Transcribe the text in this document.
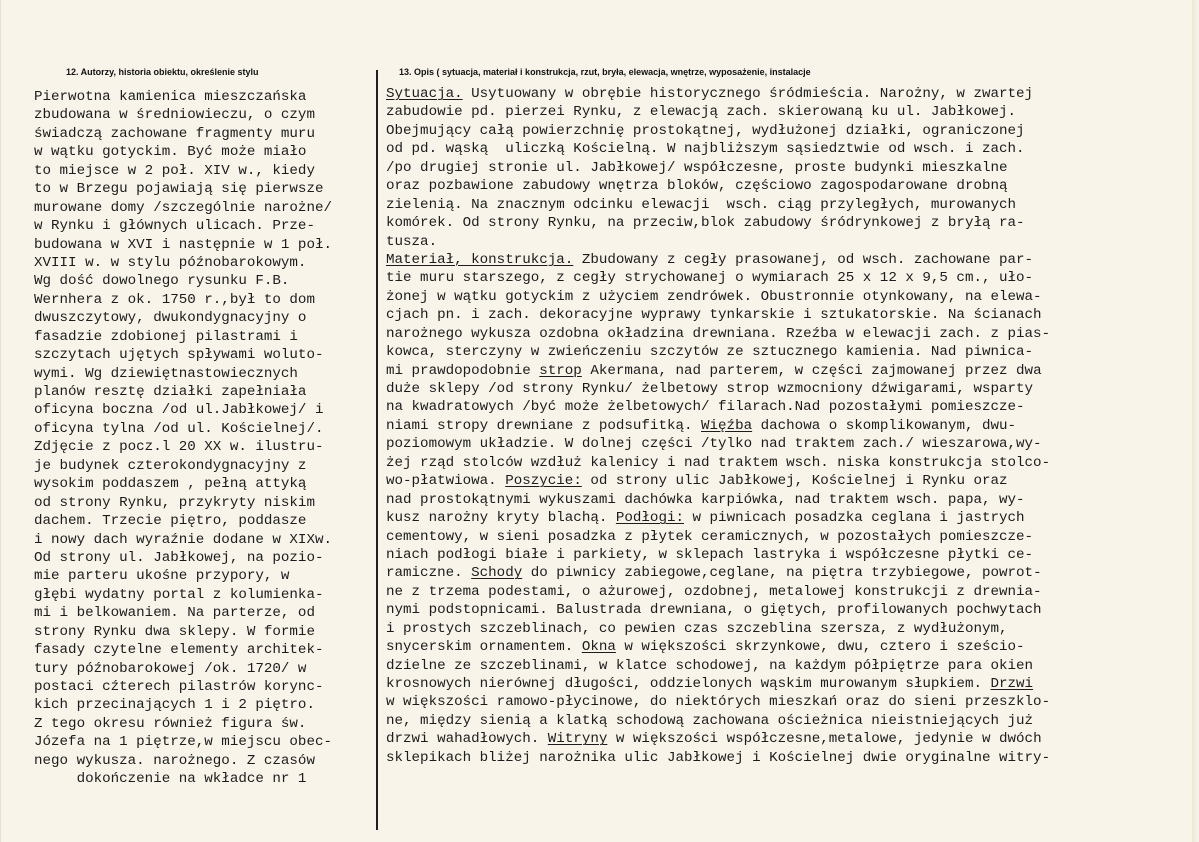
12. Autorzy, historia obiektu, określenie stylu	13. Opis ( sytuacja, materiał i konstrukcja, rzut, bryła, elewacja, wnętrze, wyposażenie, instalacje
Pierwotna kamienica mieszczańska
zbudowana w średniowieczu, o czym
świadczą zachowane fragmenty muru
w wątku gotyckim. Być może miało
to miejsce w 2 poł. XIV w., kiedy
to w Brzegu pojawiają się pierwsze
murowane domy /szczególnie narożne/
w Rynku i głównych ulicach. Prze-
budowana w XVI i następnie w 1 poł.
XVIII w. w stylu późnobarokowym.
Wg dość dowolnego rysunku F.B.
Wernhera z ok. 1750 r.,był to dom
dwuszczytowy, dwukondygnacyjny o
fasadzie zdobionej pilastrami i
szczytach ujętych spływami woluto-
wymi. Wg dziewiętnastowiecznych
planów resztę działki zapełniała
oficyna boczna /od ul.Jabłkowej/ i
oficyna tylna /od ul. Kościelnej/.
Zdjęcie z pocz.l 20 XX w. ilustru-
je budynek czterokondygnacyjny z
wysokim poddaszem , pełną attyką
od strony Rynku, przykryty niskim
dachem. Trzecie piętro, poddasze
i nowy dach wyraźnie dodane w XIXw.
Od strony ul. Jabłkowej, na pozio-
mie parteru ukośne przypory, w
głębi wydatny portal z kolumienka-
mi i belkowaniem. Na parterze, od
strony Rynku dwa sklepy. W formie
fasady czytelne elementy architek-
tury późnobarokowej /ok. 1720/ w
postaci cźterech pilastrów korync-
kich przecinających 1 i 2 piętro.
Z tego okresu również figura św.
Józefa na 1 piętrze,w miejscu obec-
nego wykusza. narożnego. Z czasów
dokończenie na wkładce nr 1
Sytuacja. Usytuowany w obrębie historycznego śródmieścia. Narożny, w zwartej
zabudowie pd. pierzei Rynku, z elewacją zach. skierowaną ku ul. Jabłkowej.
Obejmujący całą powierzchnię prostokątnej, wydłużonej działki, ograniczonej
od pd. wąską  uliczką Kościelną. W najbliższym sąsiedztwie od wsch. i zach.
/po drugiej stronie ul. Jabłkowej/ współczesne, proste budynki mieszkalne
oraz pozbawione zabudowy wnętrza bloków, częściowo zagospodarowane drobną
zielenią. Na znacznym odcinku elewacji  wsch. ciąg przyległych, murowanych
komórek. Od strony Rynku, na przeciw,blok zabudowy śródrynkowej z bryłą ra-
tusza.
Materiał, konstrukcja. Zbudowany z cegły prasowanej, od wsch. zachowane par-
tie muru starszego, z cegły strychowanej o wymiarach 25 x 12 x 9,5 cm., uło-
żonej w wątku gotyckim z użyciem zendrówek. Obustronnie otynkowany, na elewa-
cjach pn. i zach. dekoracyjne wyprawy tynkarskie i sztukatorskie. Na ścianach
narożnego wykusza ozdobna okładzina drewniana. Rzeźba w elewacji zach. z pias-
kowca, sterczyny w zwieńczeniu szczytów ze sztucznego kamienia. Nad piwnica-
mi prawdopodobnie strop Akermana, nad parterem, w części zajmowanej przez dwa
duże sklepy /od strony Rynku/ żelbetowy strop wzmocniony dźwigarami, wsparty
na kwadratowych /być może żelbetowych/ filarach.Nad pozostałymi pomieszcze-
niami stropy drewniane z podsufitką. Więźba dachowa o skomplikowanym, dwu-
poziomowym układzie. W dolnej części /tylko nad traktem zach./ wieszarowa,wy-
żej rząd stolców wzdłuż kalenicy i nad traktem wsch. niska konstrukcja stolco-
wo-płatwiowa. Poszycie: od strony ulic Jabłkowej, Kościelnej i Rynku oraz
nad prostokątnymi wykuszami dachówka karpiówka, nad traktem wsch. papa, wy-
kusz narożny kryty blachą. Podłogi: w piwnicach posadzka ceglana i jastrych
cementowy, w sieni posadzka z płytek ceramicznych, w pozostałych pomieszcze-
niach podłogi białe i parkiety, w sklepach lastryka i współczesne płytki ce-
ramiczne. Schody do piwnicy zabiegowe,ceglane, na piętra trzybiegowe, powrot-
ne z trzema podestami, o ażurowej, ozdobnej, metalowej konstrukcji z drewnia-
nymi podstopnicami. Balustrada drewniana, o giętych, profilowanych pochwytach
i prostych szczeblinach, co pewien czas szczeblina szersza, z wydłużonym,
snycerskim ornamentem. Okna w większości skrzynkowe, dwu, cztero i sześcio-
dzielne ze szczeblinami, w klatce schodowej, na każdym półpiętrze para okien
krosnowych nierównej długości, oddzielonych wąskim murowanym słupkiem. Drzwi
w większości ramowo-płycinowe, do niektórych mieszkań oraz do sieni przeszklo-
ne, między sienią a klatką schodową zachowana ościeżnica nieistniejących już
drzwi wahadłowych. Witryny w większości współczesne,metalowe, jedynie w dwóch
sklepikach bliżej narożnika ulic Jabłkowej i Kościelnej dwie oryginalne witry-
